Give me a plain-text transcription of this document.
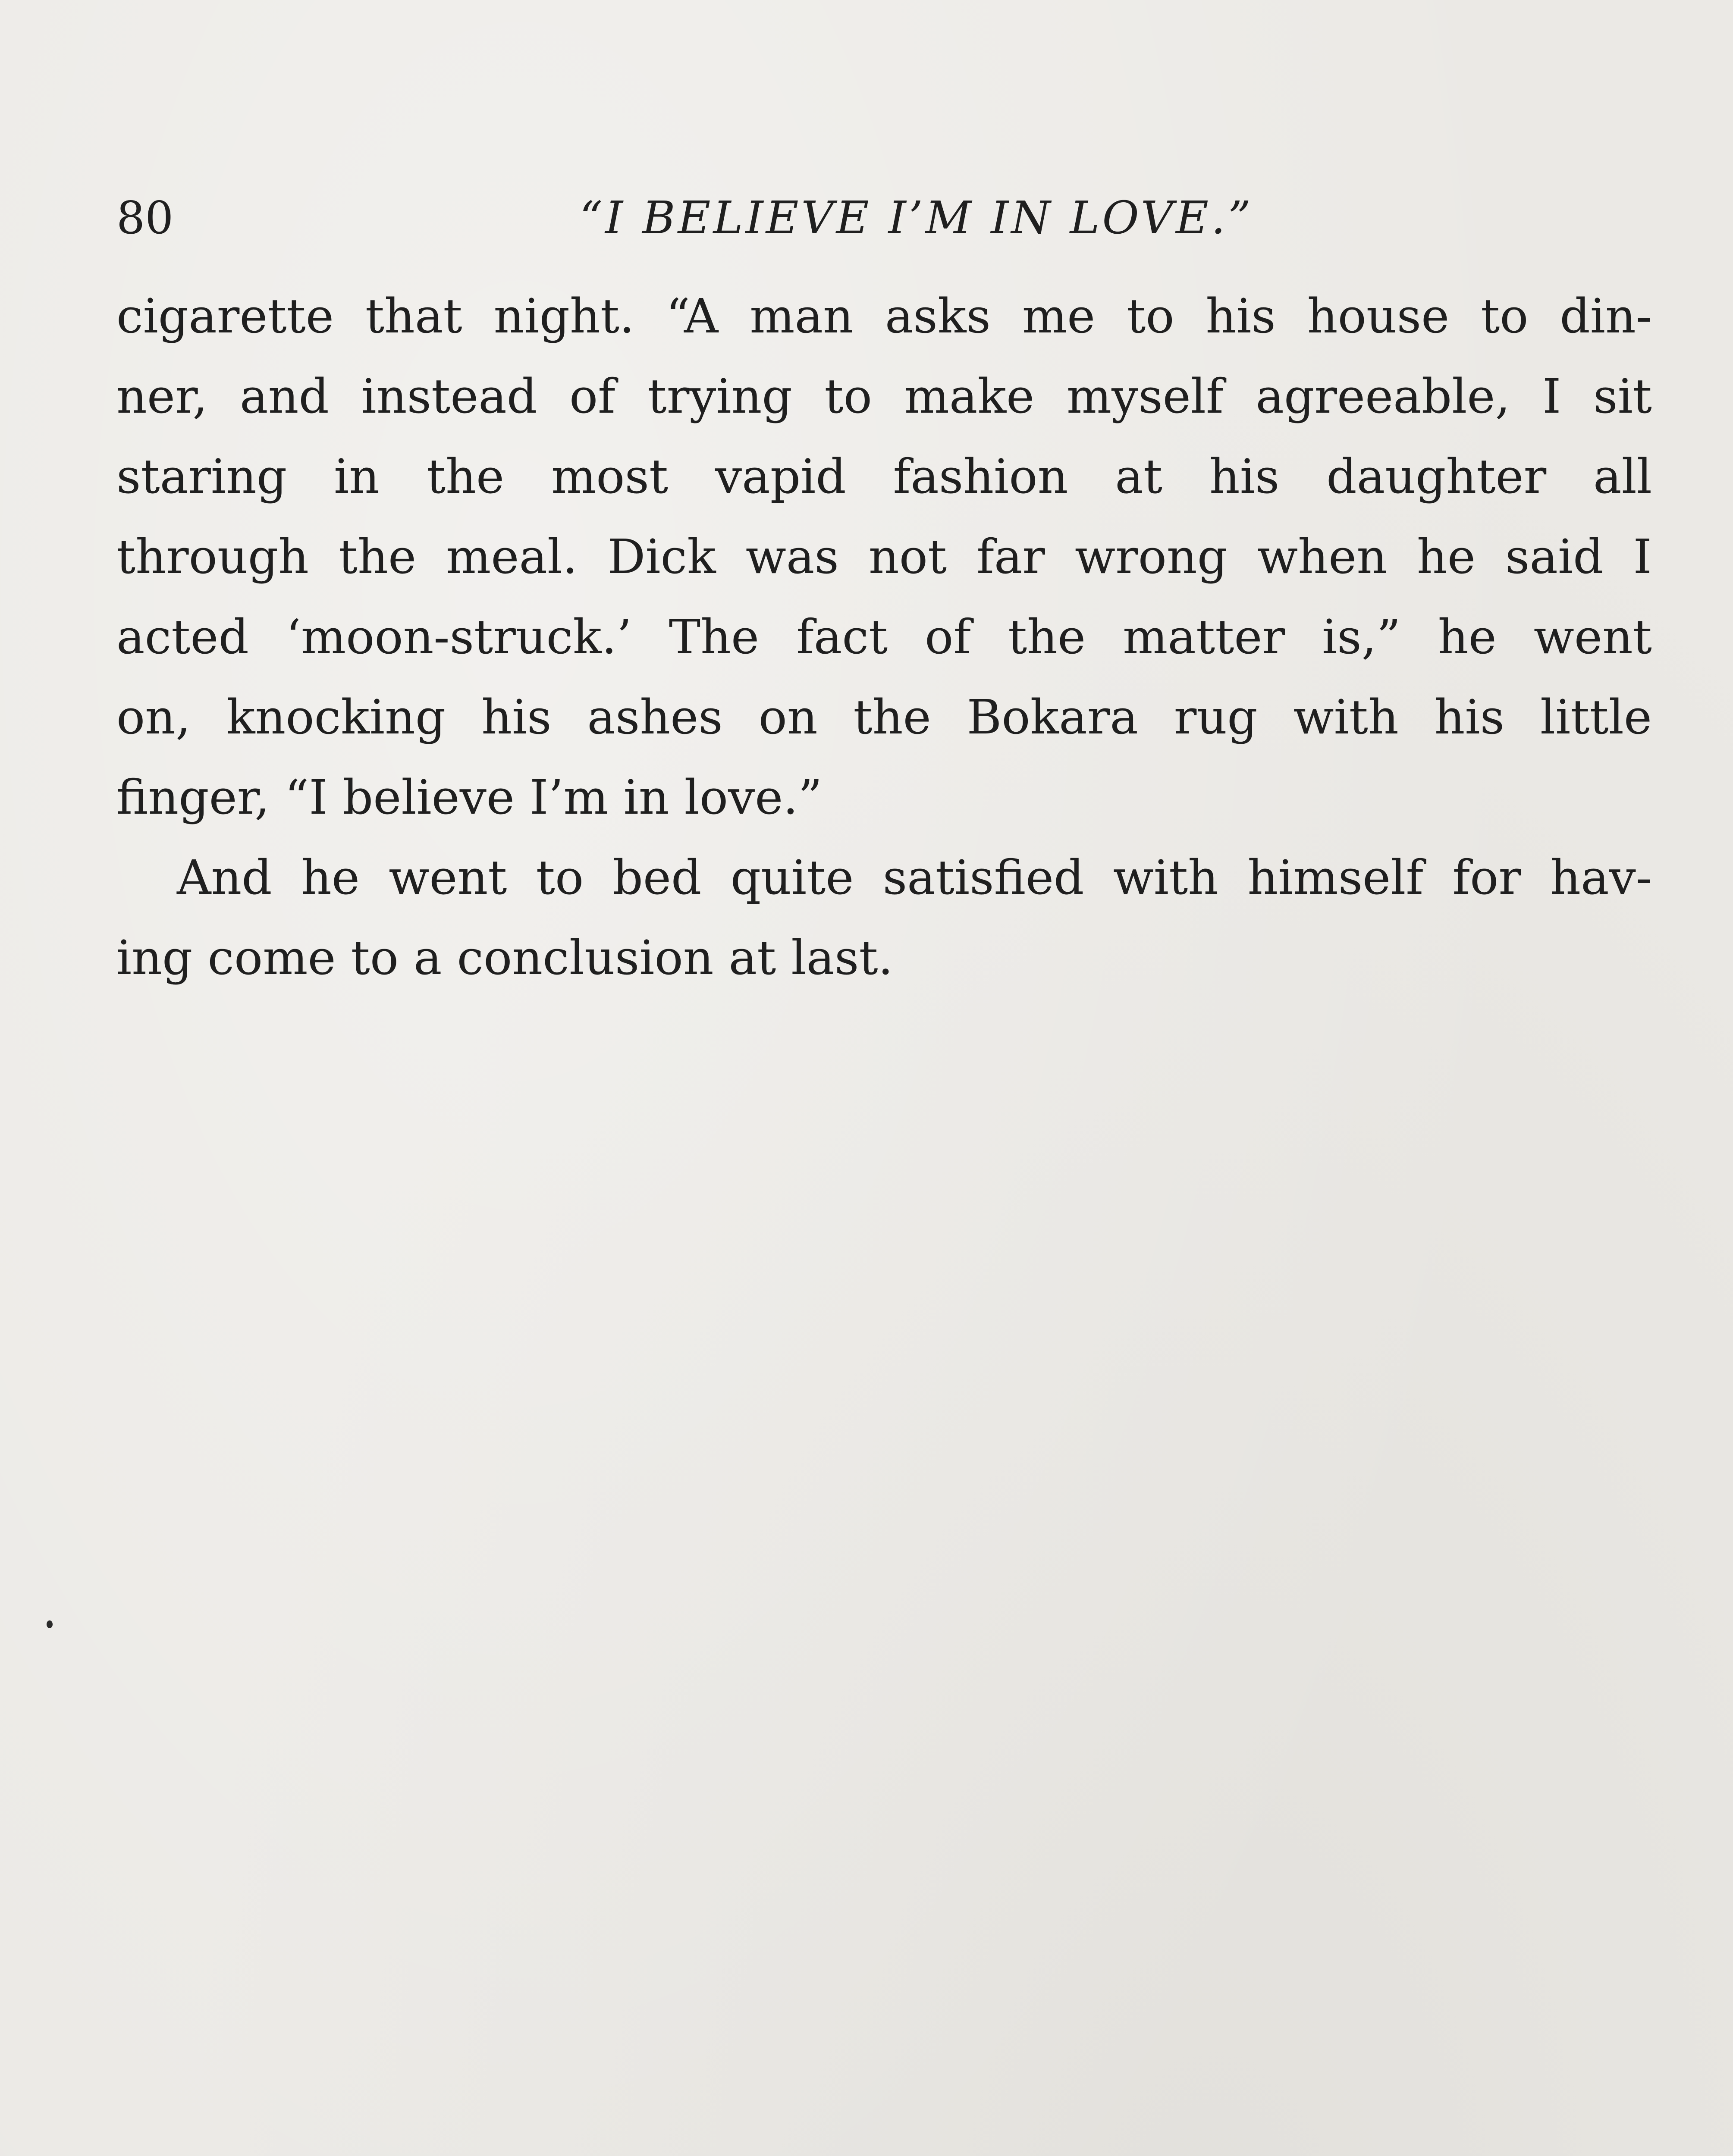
80	“I BELIEVE I’M IN LOVE.”
cigarette that night. “A man asks me to his house to din-
ner, and instead of trying to make myself agreeable, I sit
staring in the most vapid fashion at his daughter all
through the meal. Dick was not far wrong when he said I
acted ‘moon-struck.’ The fact of the matter is,” he went
on, knocking his ashes on the Bokara rug with his little
finger, “I believe I’m in love.”
And he went to bed quite satisfied with himself for hav-
ing come to a conclusion at last.
